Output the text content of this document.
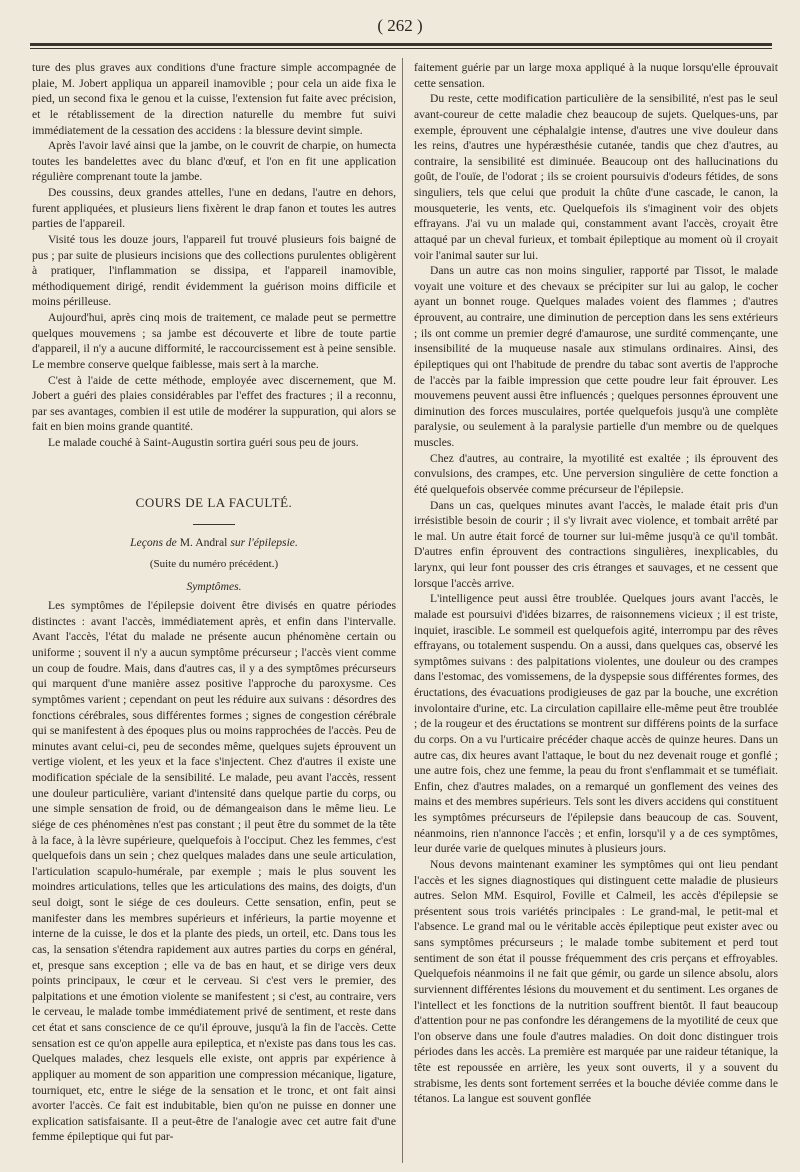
( 262 )

ture des plus graves aux conditions d'une fracture simple accompagnée de plaie, M. Jobert appliqua un appareil inamovible ; pour cela un aide fixa le pied, un second fixa le genou et la cuisse, l'extension fut faite avec précision, et le rétablissement de la direction naturelle du membre fut suivi immédiatement de la cessation des accidens : la blessure devint simple.

Après l'avoir lavé ainsi que la jambe, on le couvrit de charpie, on humecta toutes les bandelettes avec du blanc d'œuf, et l'on en fit une application régulière comprenant toute la jambe.

Des coussins, deux grandes attelles, l'une en dedans, l'autre en dehors, furent appliquées, et plusieurs liens fixèrent le drap fanon et toutes les autres parties de l'appareil.

Visité tous les douze jours, l'appareil fut trouvé plusieurs fois baigné de pus ; par suite de plusieurs incisions que des collections purulentes obligèrent à pratiquer, l'inflammation se dissipa, et l'appareil inamovible, méthodiquement dirigé, rendit évidemment la guérison moins difficile et moins périlleuse.

Aujourd'hui, après cinq mois de traitement, ce malade peut se permettre quelques mouvemens ; sa jambe est découverte et libre de toute partie d'appareil, il n'y a aucune difformité, le raccourcissement est à peine sensible. Le membre conserve quelque faiblesse, mais sert à la marche.

C'est à l'aide de cette méthode, employée avec discernement, que M. Jobert a guéri des plaies considérables par l'effet des fractures ; il a reconnu, par ses avantages, combien il est utile de modérer la suppuration, qui alors se fait en bien moins grande quantité.

Le malade couché à Saint-Augustin sortira guéri sous peu de jours.

COURS DE LA FACULTÉ.
Leçons de M. Andral sur l'épilepsie.
(Suite du numéro précédent.)
Symptômes.

Les symptômes de l'épilepsie doivent être divisés en quatre périodes distinctes : avant l'accès, immédiatement après, et enfin dans l'intervalle. Avant l'accès, l'état du malade ne présente aucun phénomène certain ou uniforme ; souvent il n'y a aucun symptôme précurseur ; l'accès vient comme un coup de foudre. Mais, dans d'autres cas, il y a des symptômes précurseurs qui marquent d'une manière assez positive l'approche du paroxysme. Ces symptômes varient ; cependant on peut les réduire aux suivans : désordres des fonctions cérébrales, sous différentes formes ; signes de congestion cérébrale qui se manifestent à des époques plus ou moins rapprochées de l'accès. Peu de minutes avant celui-ci, peu de secondes même, quelques sujets éprouvent un vertige violent, et les yeux et la face s'injectent. Chez d'autres il existe une modification spéciale de la sensibilité. Le malade, peu avant l'accès, ressent une douleur particulière, variant d'intensité dans quelque partie du corps, ou une simple sensation de froid, ou de démangeaison dans le même lieu. Le siége de ces phénomènes n'est pas constant ; il peut être du sommet de la tête à la face, à la lèvre supérieure, quelquefois à l'occiput. Chez les femmes, c'est quelquefois dans un sein ; chez quelques malades dans une seule articulation, l'articulation scapulo-humérale, par exemple ; mais le plus souvent les moindres articulations, telles que les articulations des mains, des doigts, d'un seul doigt, sont le siége de ces douleurs. Cette sensation, enfin, peut se manifester dans les membres supérieurs et inférieurs, la partie moyenne et interne de la cuisse, le dos et la plante des pieds, un orteil, etc. Dans tous les cas, la sensation s'étendra rapidement aux autres parties du corps en général, et, presque sans exception ; elle va de bas en haut, et se dirige vers deux points principaux, le cœur et le cerveau. Si c'est vers le premier, des palpitations et une émotion violente se manifestent ; si c'est, au contraire, vers le cerveau, le malade tombe immédiatement privé de sentiment, et reste dans cet état et sans conscience de ce qu'il éprouve, jusqu'à la fin de l'accès. Cette sensation est ce qu'on appelle aura epileptica, et n'existe pas dans tous les cas. Quelques malades, chez lesquels elle existe, ont appris par expérience à appliquer au moment de son apparition une compression mécanique, ligature, tourniquet, etc, entre le siége de la sensation et le tronc, et ont fait ainsi avorter l'accès. Ce fait est indubitable, bien qu'on ne puisse en donner une explication satisfaisante. Il a peut-être de l'analogie avec cet autre fait d'une femme épileptique qui fut par-

faitement guérie par un large moxa appliqué à la nuque lorsqu'elle éprouvait cette sensation.

Du reste, cette modification particulière de la sensibilité, n'est pas le seul avant-coureur de cette maladie chez beaucoup de sujets. Quelques-uns, par exemple, éprouvent une céphalalgie intense, d'autres une vive douleur dans les reins, d'autres une hypéræsthésie cutanée, tandis que chez d'autres, au contraire, la sensibilité est diminuée. Beaucoup ont des hallucinations du goût, de l'ouïe, de l'odorat ; ils se croient poursuivis d'odeurs fétides, de sons singuliers, tels que celui que produit la chûte d'une cascade, le canon, la mousqueterie, les vents, etc. Quelquefois ils s'imaginent voir des objets effrayans. J'ai vu un malade qui, constamment avant l'accès, croyait être attaqué par un cheval furieux, et tombait épileptique au moment où il croyait voir l'animal sauter sur lui.

Dans un autre cas non moins singulier, rapporté par Tissot, le malade voyait une voiture et des chevaux se précipiter sur lui au galop, le cocher ayant un bonnet rouge. Quelques malades voient des flammes ; d'autres éprouvent, au contraire, une diminution de perception dans les sens extérieurs ; ils ont comme un premier degré d'amaurose, une surdité commençante, une insensibilité de la muqueuse nasale aux stimulans ordinaires. Ainsi, des épileptiques qui ont l'habitude de prendre du tabac sont avertis de l'approche de l'accès par la faible impression que cette poudre leur fait éprouver. Les mouvemens peuvent aussi être influencés ; quelques personnes éprouvent une diminution des forces musculaires, portée quelquefois jusqu'à une complète paralysie, ou seulement à la paralysie partielle d'un membre ou de quelques muscles.

Chez d'autres, au contraire, la myotilité est exaltée ; ils éprouvent des convulsions, des crampes, etc. Une perversion singulière de cette fonction a été quelquefois observée comme précurseur de l'épilepsie.

Dans un cas, quelques minutes avant l'accès, le malade était pris d'un irrésistible besoin de courir ; il s'y livrait avec violence, et tombait arrêté par le mal. Un autre était forcé de tourner sur lui-même jusqu'à ce qu'il tombât. D'autres enfin éprouvent des contractions singulières, inexplicables, du larynx, qui leur font pousser des cris étranges et sauvages, et ne cessent que lorsque l'accès arrive.

L'intelligence peut aussi être troublée. Quelques jours avant l'accès, le malade est poursuivi d'idées bizarres, de raisonnemens vicieux ; il est triste, inquiet, irascible. Le sommeil est quelquefois agité, interrompu par des rêves effrayans, ou totalement suspendu. On a aussi, dans quelques cas, observé les symptômes suivans : des palpitations violentes, une douleur ou des crampes dans l'estomac, des vomissemens, de la dyspepsie sous différentes formes, des éructations, des évacuations prodigieuses de gaz par la bouche, une excrétion involontaire d'urine, etc. La circulation capillaire elle-même peut être troublée ; de la rougeur et des éructations se montrent sur différens points de la surface du corps. On a vu l'urticaire précéder chaque accès de quinze heures. Dans un autre cas, dix heures avant l'attaque, le bout du nez devenait rouge et gonflé ; une autre fois, chez une femme, la peau du front s'enflammait et se tuméfiait. Enfin, chez d'autres malades, on a remarqué un gonflement des veines des mains et des membres supérieurs. Tels sont les divers accidens qui constituent les symptômes précurseurs de l'épilepsie dans beaucoup de cas. Souvent, néanmoins, rien n'annonce l'accès ; et enfin, lorsqu'il y a de ces symptômes, leur durée varie de quelques minutes à plusieurs jours.

Nous devons maintenant examiner les symptômes qui ont lieu pendant l'accès et les signes diagnostiques qui distinguent cette maladie de plusieurs autres. Selon MM. Esquirol, Foville et Calmeil, les accès d'épilepsie se présentent sous trois variétés principales : Le grand-mal, le petit-mal et l'absence. Le grand mal ou le véritable accès épileptique peut exister avec ou sans symptômes précurseurs ; le malade tombe subitement et perd tout sentiment de son état il pousse fréquemment des cris perçans et effroyables. Quelquefois néanmoins il ne fait que gémir, ou garde un silence absolu, alors surviennent différentes lésions du mouvement et du sentiment. Les organes de l'intellect et les fonctions de la nutrition souffrent bientôt. Il faut beaucoup d'attention pour ne pas confondre les dérangemens de la myotilité de ceux que l'on observe dans une foule d'autres maladies. On doit donc distinguer trois périodes dans les accès. La première est marquée par une raideur tétanique, la tête est repoussée en arrière, les yeux sont ouverts, il y a souvent du strabisme, les dents sont fortement serrées et la bouche déviée comme dans le tétanos. La langue est souvent gonflée
